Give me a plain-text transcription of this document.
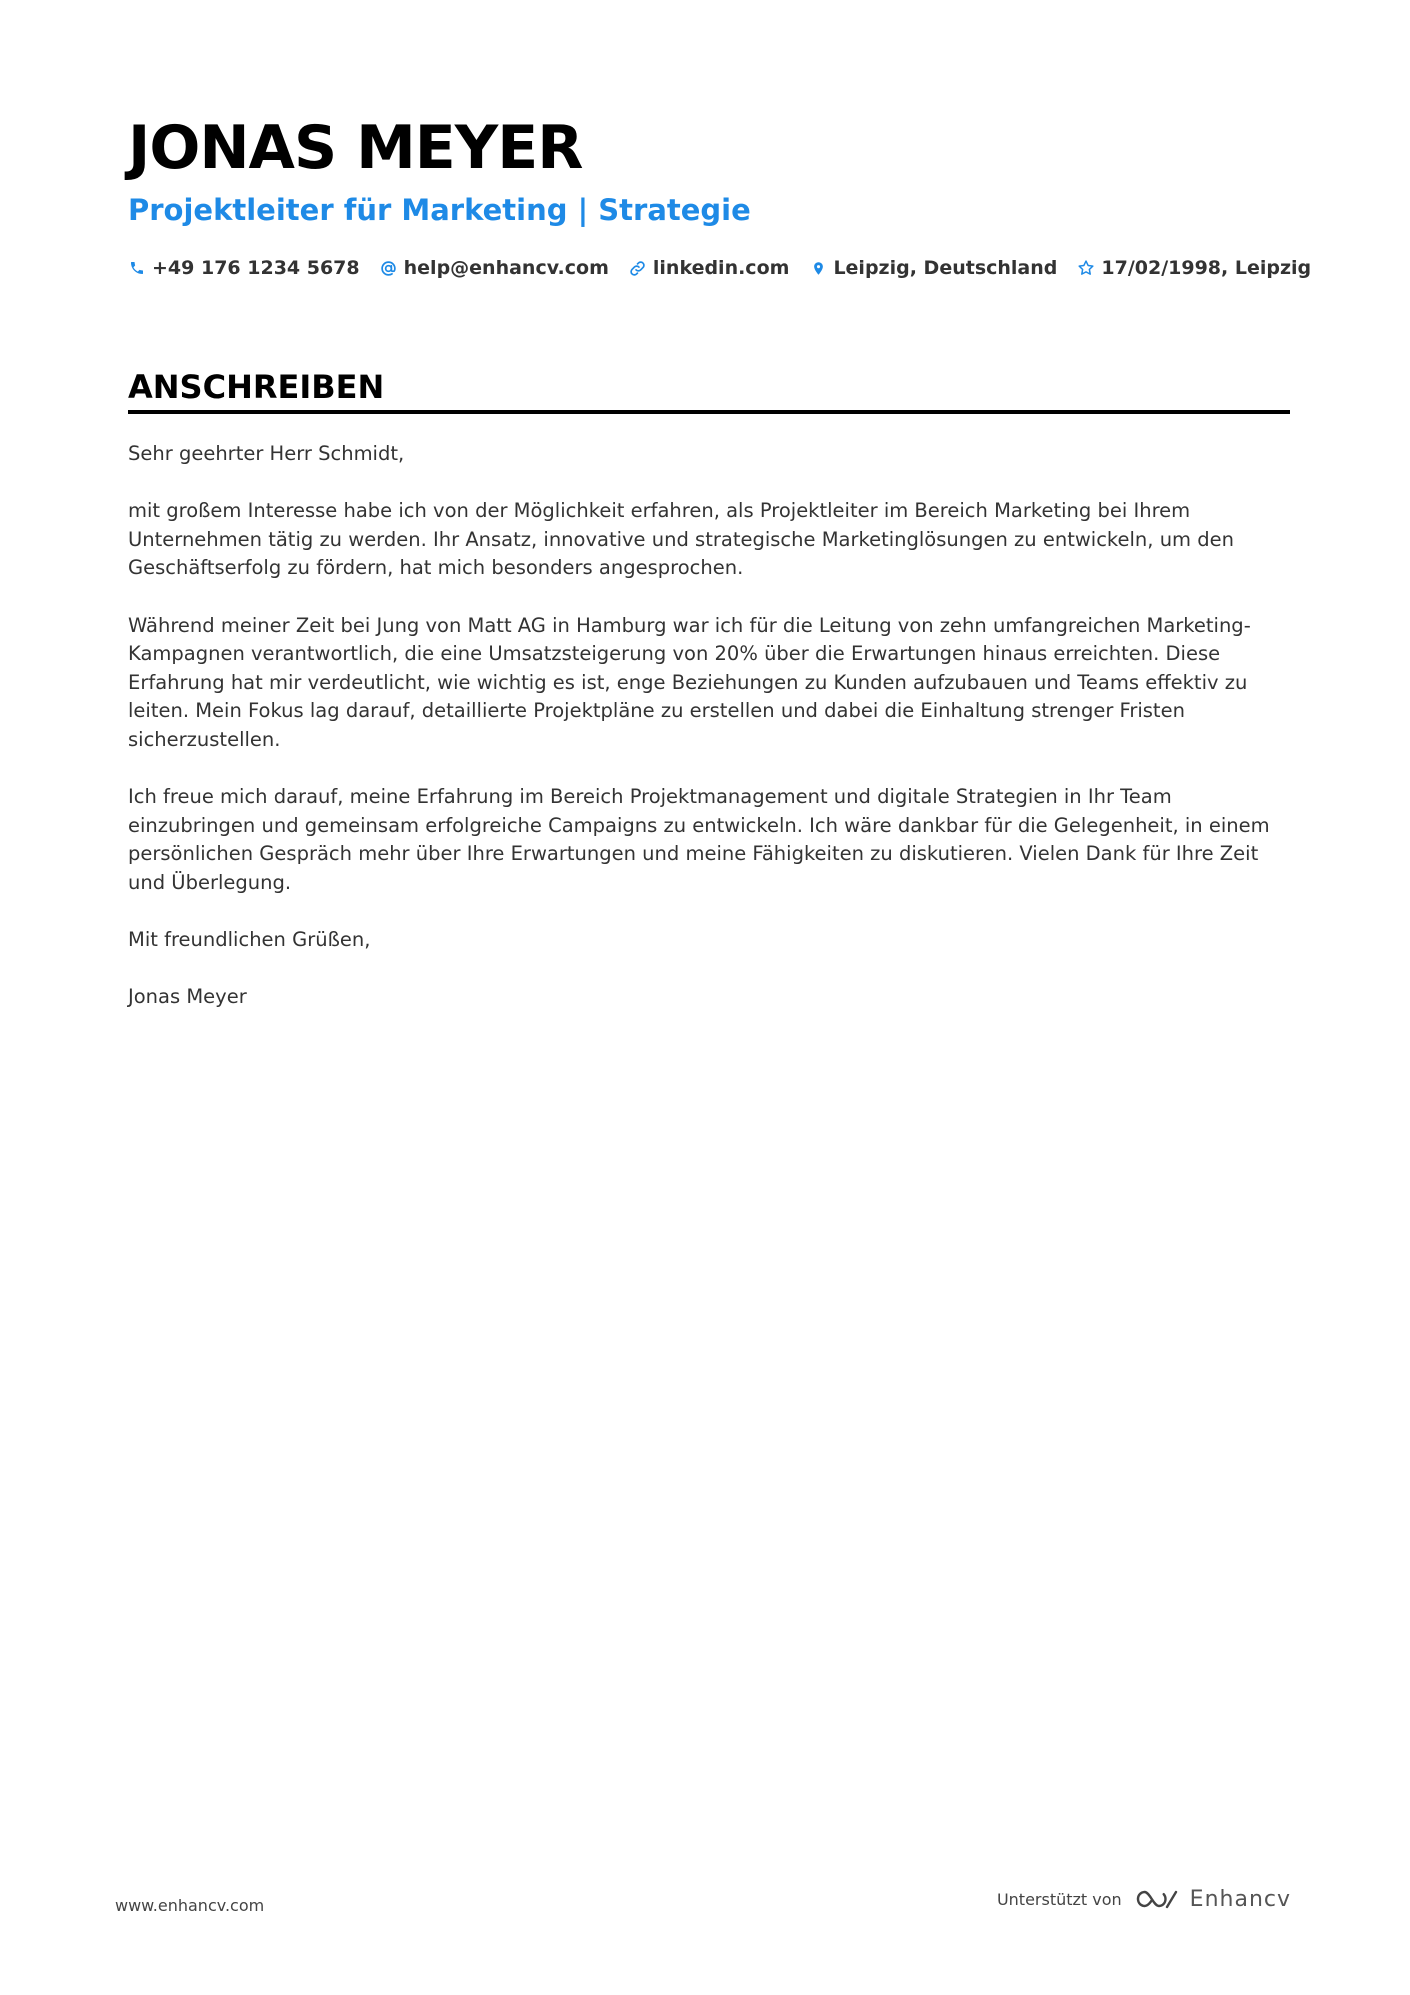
JONAS MEYER
Projektleiter für Marketing | Strategie
+49 176 1234 5678 help@enhancv.com linkedin.com Leipzig, Deutschland 17/02/1998, Leipzig
ANSCHREIBEN

Sehr geehrter Herr Schmidt,

mit großem Interesse habe ich von der Möglichkeit erfahren, als Projektleiter im Bereich Marketing bei Ihrem Unternehmen tätig zu werden. Ihr Ansatz, innovative und strategische Marketinglösungen zu entwickeln, um den Geschäftserfolg zu fördern, hat mich besonders angesprochen.

Während meiner Zeit bei Jung von Matt AG in Hamburg war ich für die Leitung von zehn umfangreichen Marketing-Kampagnen verantwortlich, die eine Umsatzsteigerung von 20% über die Erwartungen hinaus erreichten. Diese Erfahrung hat mir verdeutlicht, wie wichtig es ist, enge Beziehungen zu Kunden aufzubauen und Teams effektiv zu leiten. Mein Fokus lag darauf, detaillierte Projektpläne zu erstellen und dabei die Einhaltung strenger Fristen sicherzustellen.

Ich freue mich darauf, meine Erfahrung im Bereich Projektmanagement und digitale Strategien in Ihr Team einzubringen und gemeinsam erfolgreiche Campaigns zu entwickeln. Ich wäre dankbar für die Gelegenheit, in einem persönlichen Gespräch mehr über Ihre Erwartungen und meine Fähigkeiten zu diskutieren. Vielen Dank für Ihre Zeit und Überlegung.

Mit freundlichen Grüßen,

Jonas Meyer

www.enhancv.com	Unterstützt von	Enhancv
